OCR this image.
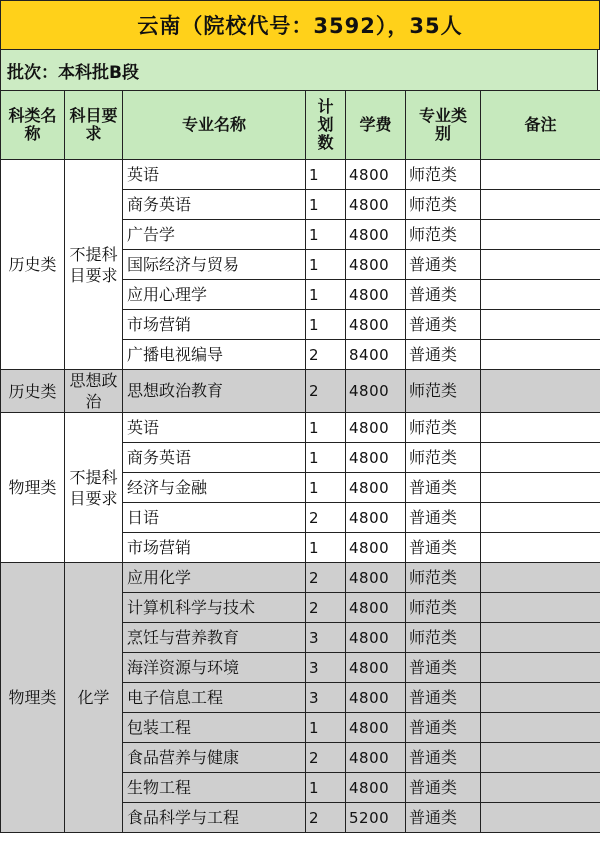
云南（院校代号：3592），35人
批次：本科批B段
科类名称	科目要求	专业名称	计划数	学费	专业类别	备注
历史类	不提科目要求	英语	1	4800	师范类	
		商务英语	1	4800	师范类	
		广告学	1	4800	师范类	
		国际经济与贸易	1	4800	普通类	
		应用心理学	1	4800	普通类	
		市场营销	1	4800	普通类	
		广播电视编导	2	8400	普通类	
历史类	思想政治	思想政治教育	2	4800	师范类	
物理类	不提科目要求	英语	1	4800	师范类	
		商务英语	1	4800	师范类	
		经济与金融	1	4800	普通类	
		日语	2	4800	普通类	
		市场营销	1	4800	普通类	
物理类	化学	应用化学	2	4800	师范类	
		计算机科学与技术	2	4800	师范类	
		烹饪与营养教育	3	4800	师范类	
		海洋资源与环境	3	4800	普通类	
		电子信息工程	3	4800	普通类	
		包装工程	1	4800	普通类	
		食品营养与健康	2	4800	普通类	
		生物工程	1	4800	普通类	
		食品科学与工程	2	5200	普通类	
